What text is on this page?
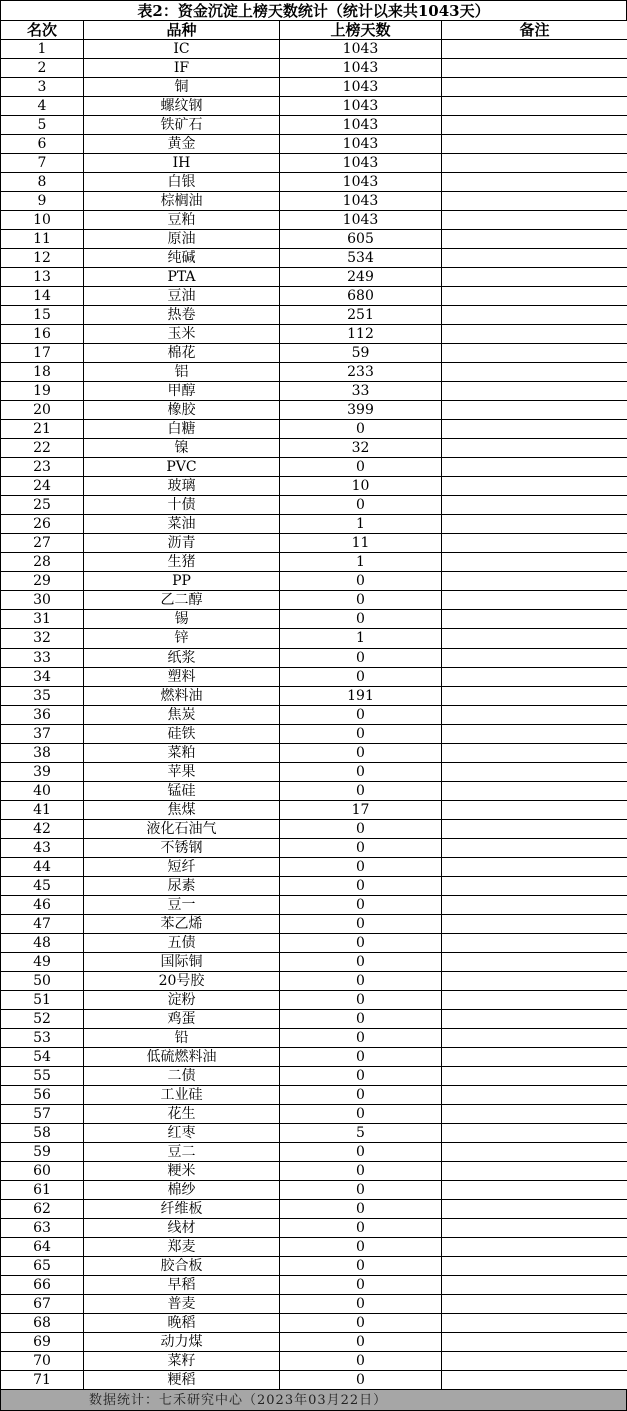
表2：资金沉淀上榜天数统计（统计以来共1043天）
名次	品种	上榜天数	备注
1	IC	1043	
2	IF	1043	
3	铜	1043	
4	螺纹钢	1043	
5	铁矿石	1043	
6	黄金	1043	
7	IH	1043	
8	白银	1043	
9	棕榈油	1043	
10	豆粕	1043	
11	原油	605	
12	纯碱	534	
13	PTA	249	
14	豆油	680	
15	热卷	251	
16	玉米	112	
17	棉花	59	
18	铝	233	
19	甲醇	33	
20	橡胶	399	
21	白糖	0	
22	镍	32	
23	PVC	0	
24	玻璃	10	
25	十债	0	
26	菜油	1	
27	沥青	11	
28	生猪	1	
29	PP	0	
30	乙二醇	0	
31	锡	0	
32	锌	1	
33	纸浆	0	
34	塑料	0	
35	燃料油	191	
36	焦炭	0	
37	硅铁	0	
38	菜粕	0	
39	苹果	0	
40	锰硅	0	
41	焦煤	17	
42	液化石油气	0	
43	不锈钢	0	
44	短纤	0	
45	尿素	0	
46	豆一	0	
47	苯乙烯	0	
48	五债	0	
49	国际铜	0	
50	20号胶	0	
51	淀粉	0	
52	鸡蛋	0	
53	铅	0	
54	低硫燃料油	0	
55	二债	0	
56	工业硅	0	
57	花生	0	
58	红枣	5	
59	豆二	0	
60	粳米	0	
61	棉纱	0	
62	纤维板	0	
63	线材	0	
64	郑麦	0	
65	胶合板	0	
66	早稻	0	
67	普麦	0	
68	晚稻	0	
69	动力煤	0	
70	菜籽	0	
71	粳稻	0	
数据统计：七禾研究中心（2023年03月22日）
